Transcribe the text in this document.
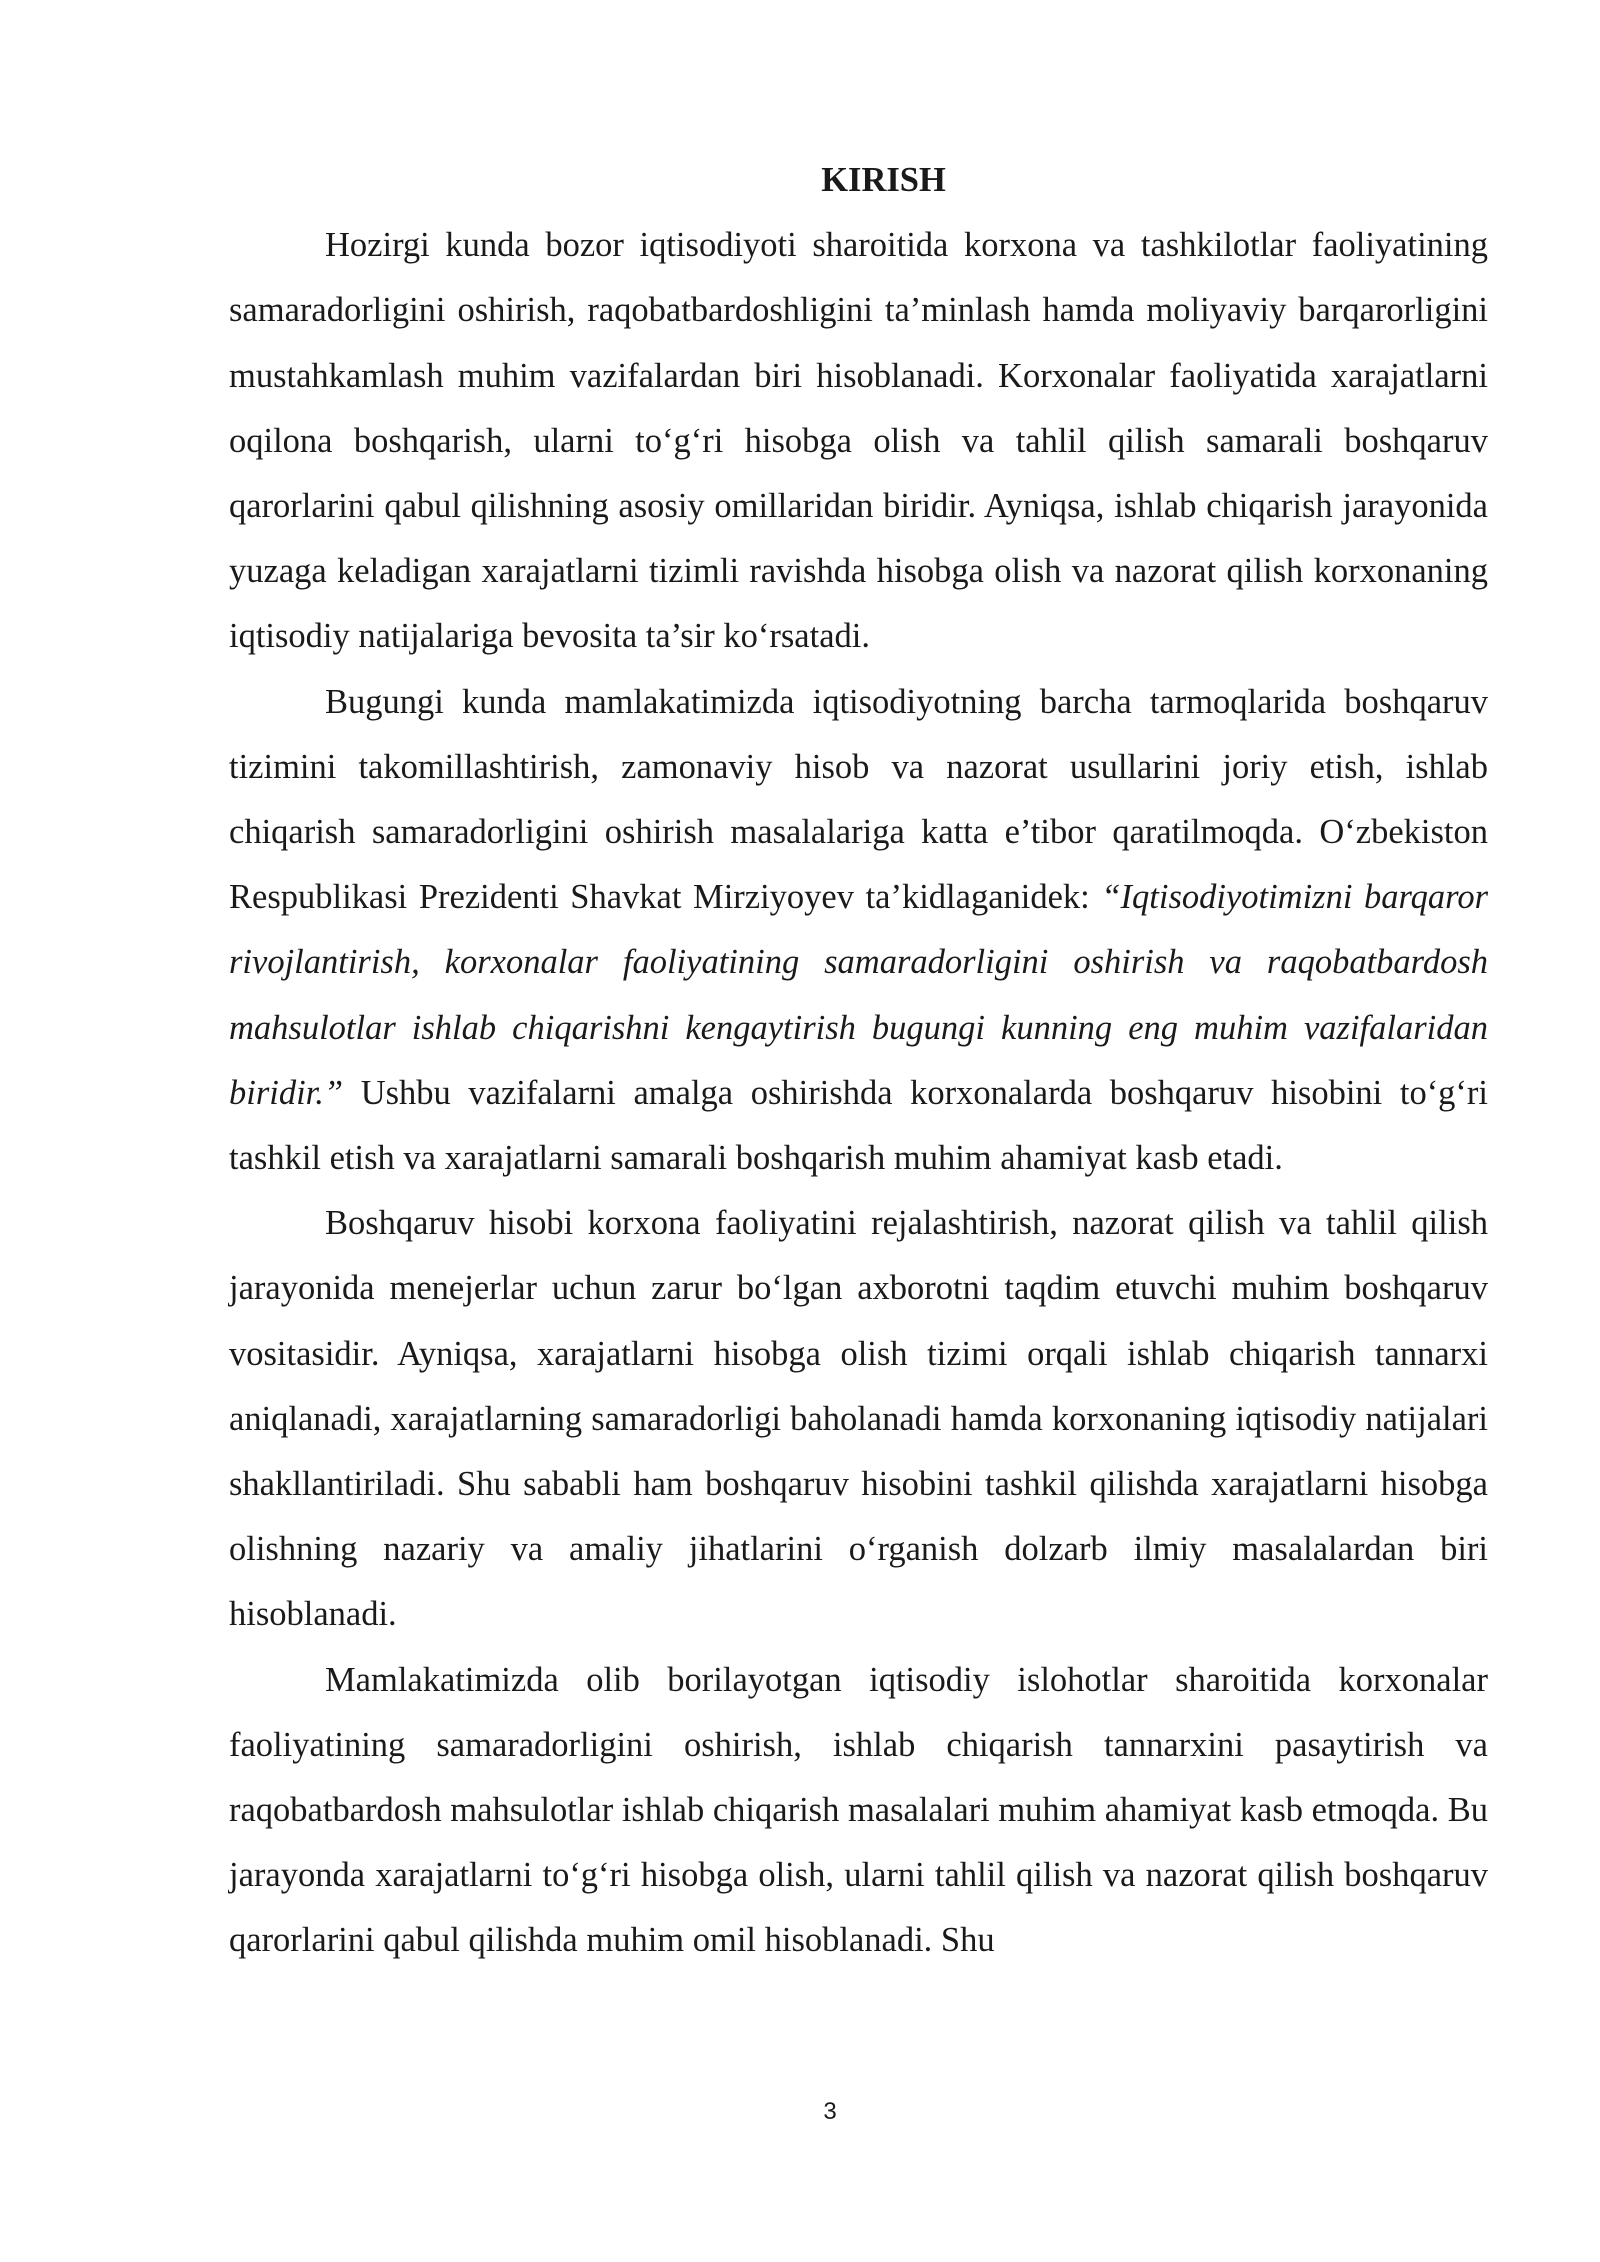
KIRISH

Hozirgi kunda bozor iqtisodiyoti sharoitida korxona va tashkilotlar faoliyatining samaradorligini oshirish, raqobatbardoshligini ta’minlash hamda moliyaviy barqarorligini mustahkamlash muhim vazifalardan biri hisoblanadi. Korxonalar faoliyatida xarajatlarni oqilona boshqarish, ularni to‘g‘ri hisobga olish va tahlil qilish samarali boshqaruv qarorlarini qabul qilishning asosiy omillaridan biridir. Ayniqsa, ishlab chiqarish jarayonida yuzaga keladigan xarajatlarni tizimli ravishda hisobga olish va nazorat qilish korxonaning iqtisodiy natijalariga bevosita ta’sir ko‘rsatadi.

Bugungi kunda mamlakatimizda iqtisodiyotning barcha tarmoqlarida boshqaruv tizimini takomillashtirish, zamonaviy hisob va nazorat usullarini joriy etish, ishlab chiqarish samaradorligini oshirish masalalariga katta e’tibor qaratilmoqda. O‘zbekiston Respublikasi Prezidenti Shavkat Mirziyoyev ta’kidlaganidek: “Iqtisodiyotimizni barqaror rivojlantirish, korxonalar faoliyatining samaradorligini oshirish va raqobatbardosh mahsulotlar ishlab chiqarishni kengaytirish bugungi kunning eng muhim vazifalaridan biridir.” Ushbu vazifalarni amalga oshirishda korxonalarda boshqaruv hisobini to‘g‘ri tashkil etish va xarajatlarni samarali boshqarish muhim ahamiyat kasb etadi.

Boshqaruv hisobi korxona faoliyatini rejalashtirish, nazorat qilish va tahlil qilish jarayonida menejerlar uchun zarur bo‘lgan axborotni taqdim etuvchi muhim boshqaruv vositasidir. Ayniqsa, xarajatlarni hisobga olish tizimi orqali ishlab chiqarish tannarxi aniqlanadi, xarajatlarning samaradorligi baholanadi hamda korxonaning iqtisodiy natijalari shakllantiriladi. Shu sababli ham boshqaruv hisobini tashkil qilishda xarajatlarni hisobga olishning nazariy va amaliy jihatlarini o‘rganish dolzarb ilmiy masalalardan biri hisoblanadi.

Mamlakatimizda olib borilayotgan iqtisodiy islohotlar sharoitida korxonalar faoliyatining samaradorligini oshirish, ishlab chiqarish tannarxini pasaytirish va raqobatbardosh mahsulotlar ishlab chiqarish masalalari muhim ahamiyat kasb etmoqda. Bu jarayonda xarajatlarni to‘g‘ri hisobga olish, ularni tahlil qilish va nazorat qilish boshqaruv qarorlarini qabul qilishda muhim omil hisoblanadi. Shu

3
